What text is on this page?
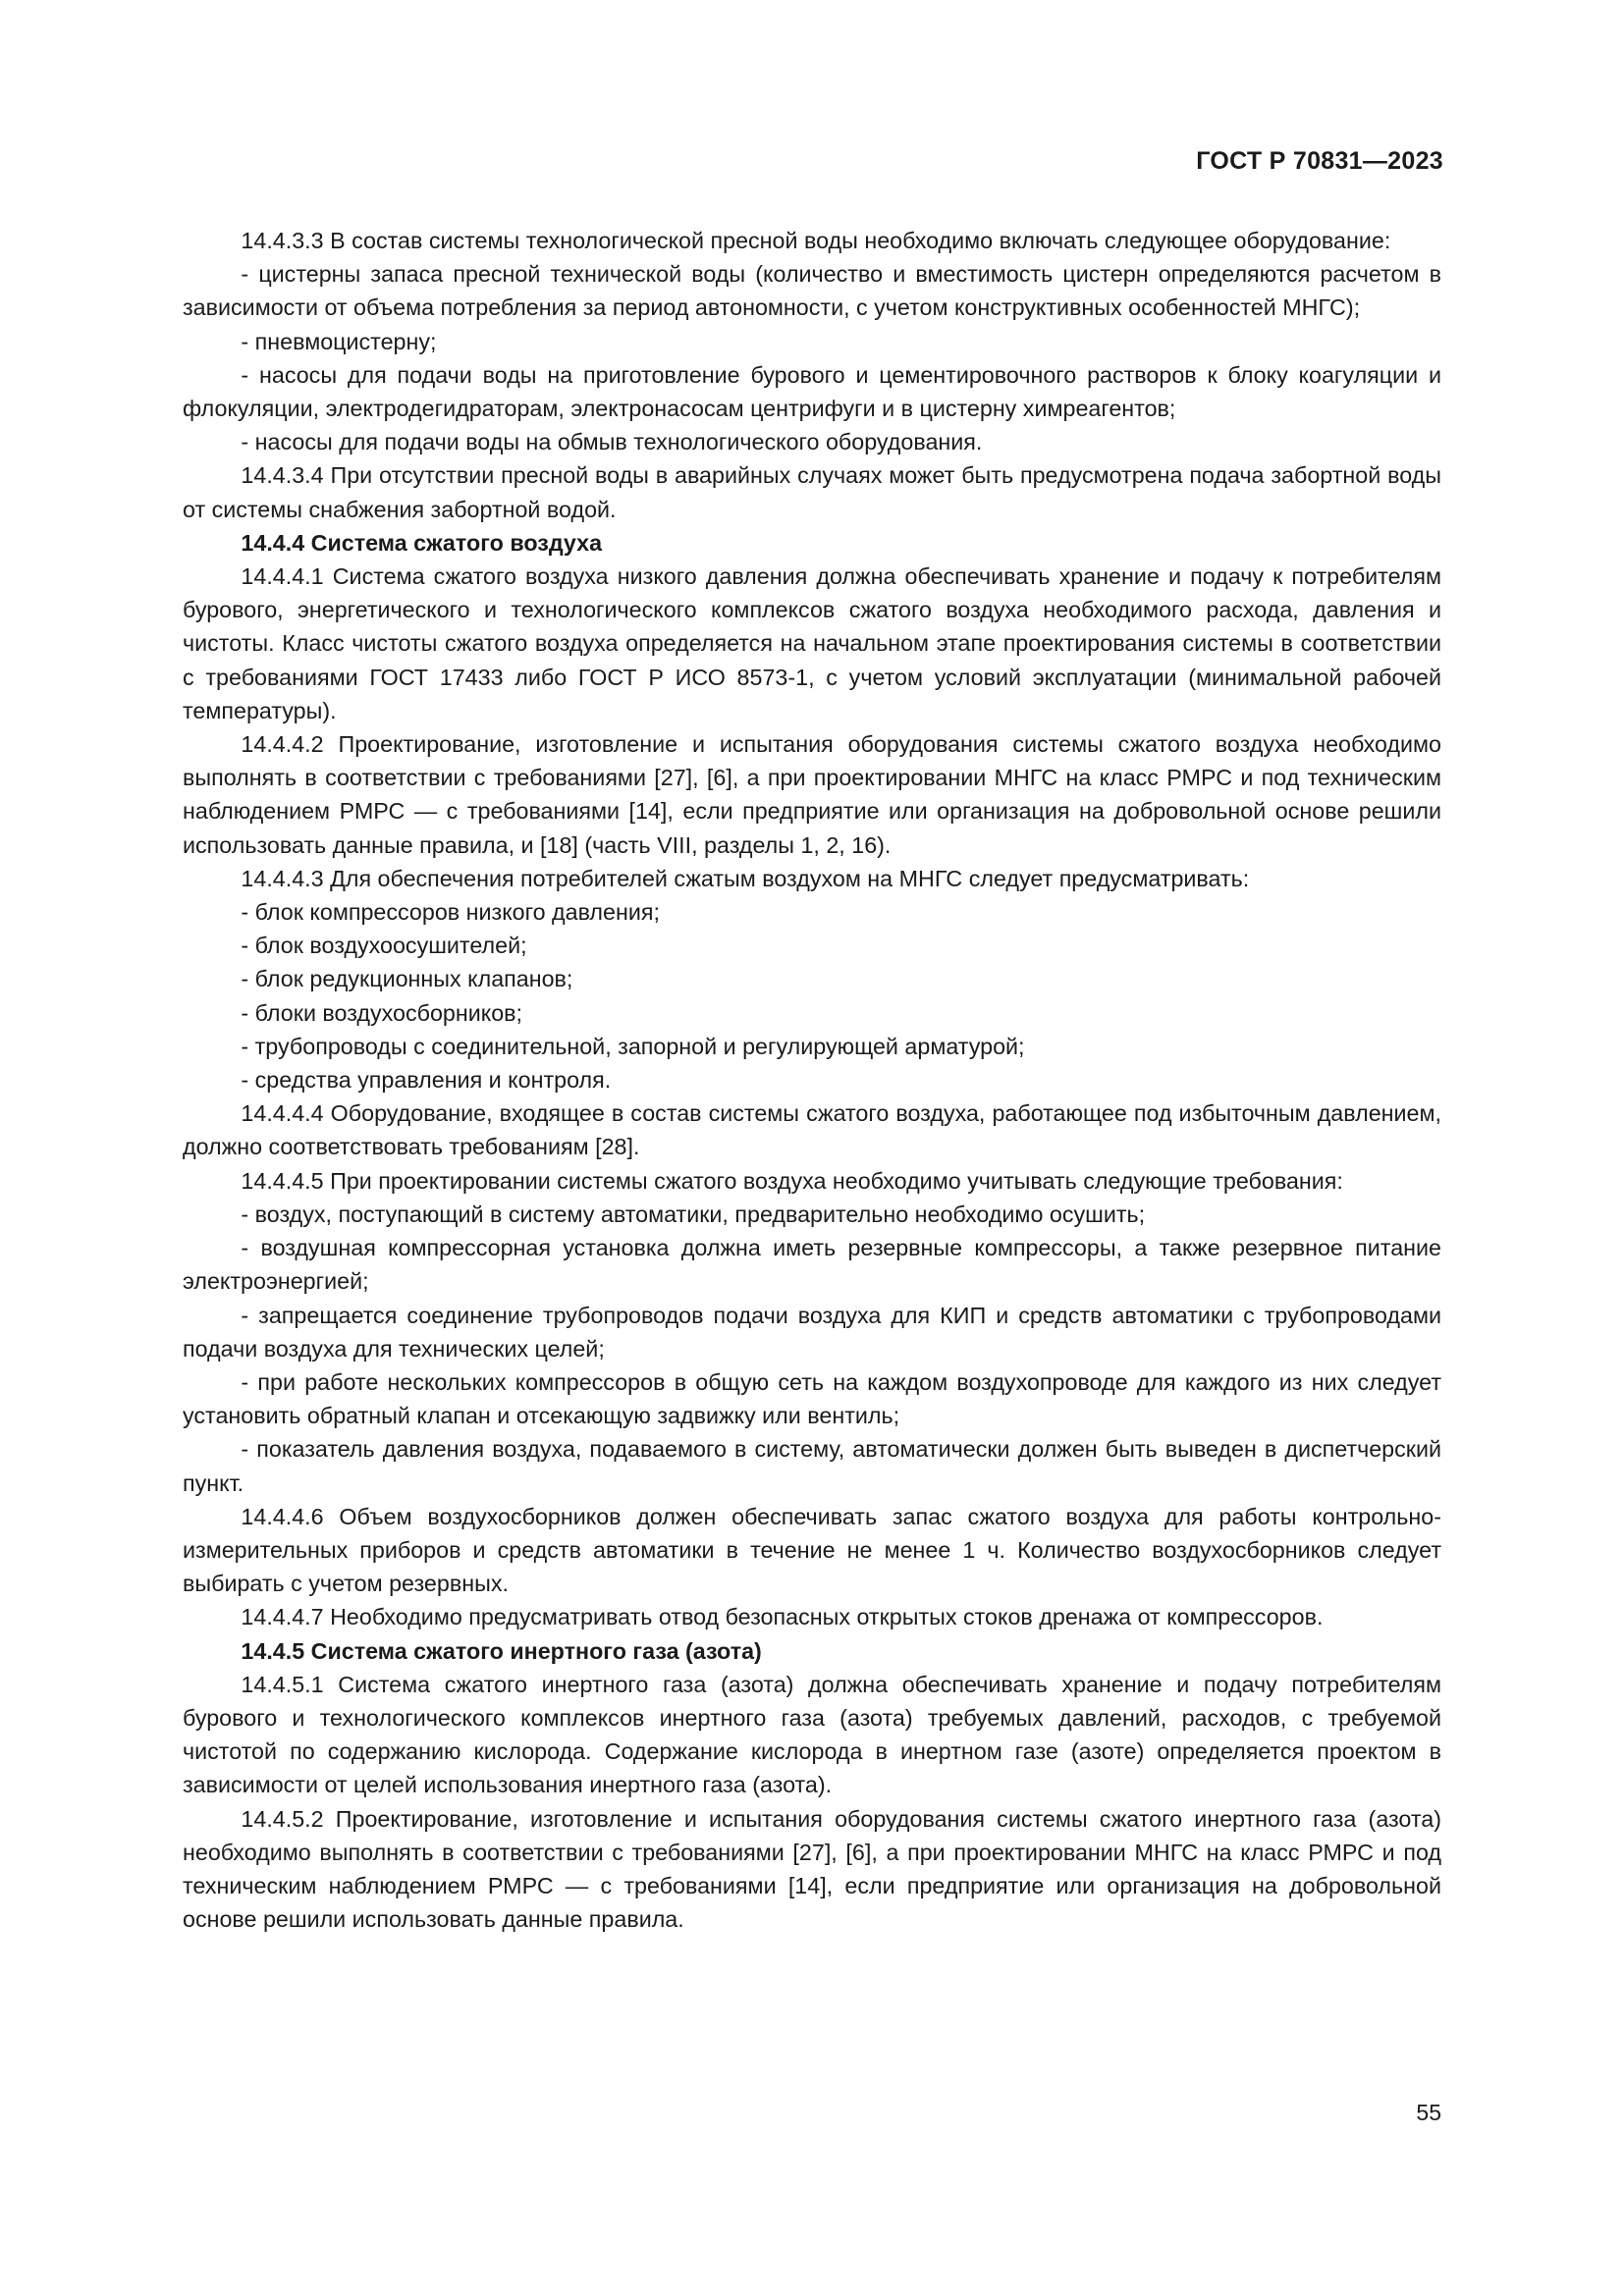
ГОСТ Р 70831—2023

14.4.3.3 В состав системы технологической пресной воды необходимо включать следующее оборудование:

- цистерны запаса пресной технической воды (количество и вместимость цистерн определяются расчетом в зависимости от объема потребления за период автономности, с учетом конструктивных особенностей МНГС);

- пневмоцистерну;

- насосы для подачи воды на приготовление бурового и цементировочного растворов к блоку коагуляции и флокуляции, электродегидраторам, электронасосам центрифуги и в цистерну химреагентов;

- насосы для подачи воды на обмыв технологического оборудования.

14.4.3.4 При отсутствии пресной воды в аварийных случаях может быть предусмотрена подача забортной воды от системы снабжения забортной водой.

14.4.4 Система сжатого воздуха

14.4.4.1 Система сжатого воздуха низкого давления должна обеспечивать хранение и подачу к потребителям бурового, энергетического и технологического комплексов сжатого воздуха необходимого расхода, давления и чистоты. Класс чистоты сжатого воздуха определяется на начальном этапе проектирования системы в соответствии с требованиями ГОСТ 17433 либо ГОСТ Р ИСО 8573-1, с учетом условий эксплуатации (минимальной рабочей температуры).

14.4.4.2 Проектирование, изготовление и испытания оборудования системы сжатого воздуха необходимо выполнять в соответствии с требованиями [27], [6], а при проектировании МНГС на класс РМРС и под техническим наблюдением РМРС — с требованиями [14], если предприятие или организация на добровольной основе решили использовать данные правила, и [18] (часть VIII, разделы 1, 2, 16).

14.4.4.3 Для обеспечения потребителей сжатым воздухом на МНГС следует предусматривать:

- блок компрессоров низкого давления;

- блок воздухоосушителей;

- блок редукционных клапанов;

- блоки воздухосборников;

- трубопроводы с соединительной, запорной и регулирующей арматурой;

- средства управления и контроля.

14.4.4.4 Оборудование, входящее в состав системы сжатого воздуха, работающее под избыточным давлением, должно соответствовать требованиям [28].

14.4.4.5 При проектировании системы сжатого воздуха необходимо учитывать следующие требования:

- воздух, поступающий в систему автоматики, предварительно необходимо осушить;

- воздушная компрессорная установка должна иметь резервные компрессоры, а также резервное питание электроэнергией;

- запрещается соединение трубопроводов подачи воздуха для КИП и средств автоматики с трубопроводами подачи воздуха для технических целей;

- при работе нескольких компрессоров в общую сеть на каждом воздухопроводе для каждого из них следует установить обратный клапан и отсекающую задвижку или вентиль;

- показатель давления воздуха, подаваемого в систему, автоматически должен быть выведен в диспетчерский пункт.

14.4.4.6 Объем воздухосборников должен обеспечивать запас сжатого воздуха для работы контрольно-измерительных приборов и средств автоматики в течение не менее 1 ч. Количество воздухосборников следует выбирать с учетом резервных.

14.4.4.7 Необходимо предусматривать отвод безопасных открытых стоков дренажа от компрессоров.

14.4.5 Система сжатого инертного газа (азота)

14.4.5.1 Система сжатого инертного газа (азота) должна обеспечивать хранение и подачу потребителям бурового и технологического комплексов инертного газа (азота) требуемых давлений, расходов, с требуемой чистотой по содержанию кислорода. Содержание кислорода в инертном газе (азоте) определяется проектом в зависимости от целей использования инертного газа (азота).

14.4.5.2 Проектирование, изготовление и испытания оборудования системы сжатого инертного газа (азота) необходимо выполнять в соответствии с требованиями [27], [6], а при проектировании МНГС на класс РМРС и под техническим наблюдением РМРС — с требованиями [14], если предприятие или организация на добровольной основе решили использовать данные правила.

55
